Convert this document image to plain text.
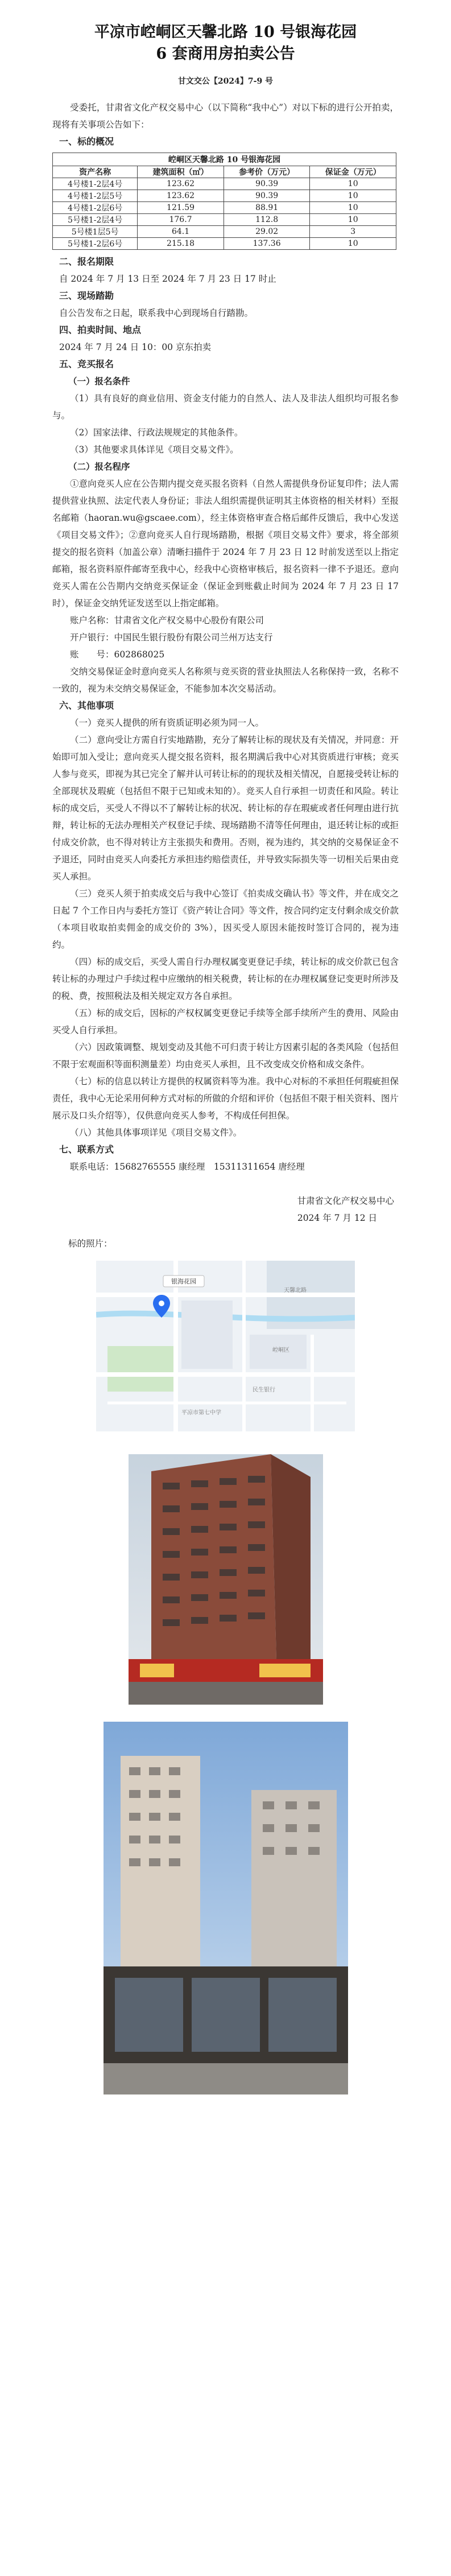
平凉市崆峒区天馨北路 10 号银海花园
6 套商用房拍卖公告
甘文交公【2024】7-9 号

受委托，甘肃省文化产权交易中心（以下简称“我中心”）对以下标的进行公开拍卖，现将有关事项公告如下：

一、标的概况
崆峒区天馨北路 10 号银海花园			
资产名称	建筑面积（㎡）	参考价（万元）	保证金（万元）
4号楼1-2层4号	123.62	90.39	10
4号楼1-2层5号	123.62	90.39	10
4号楼1-2层6号	121.59	88.91	10
5号楼1-2层4号	176.7	112.8	10
5号楼1层5号	64.1	29.02	3
5号楼1-2层6号	215.18	137.36	10
二、报名期限
自 2024 年 7 月 13 日至 2024 年 7 月 23 日 17 时止
三、现场踏勘
自公告发布之日起，联系我中心到现场自行踏勘。
四、拍卖时间、地点
2024 年 7 月 24 日 10：00 京东拍卖
五、竞买报名
（一）报名条件

（1）具有良好的商业信用、资金支付能力的自然人、法人及非法人组织均可报名参与。

（2）国家法律、行政法规规定的其他条件。

（3）其他要求具体详见《项目交易文件》。

（二）报名程序

①意向竞买人应在公告期内提交竞买报名资料（自然人需提供身份证复印件；法人需提供营业执照、法定代表人身份证；非法人组织需提供证明其主体资格的相关材料）至报名邮箱（haoran.wu@gscaee.com），经主体资格审查合格后邮件反馈后，我中心发送《项目交易文件》；②意向竞买人自行现场踏勘，根据《项目交易文件》要求，将全部须提交的报名资料（加盖公章）清晰扫描件于 2024 年 7 月 23 日 12 时前发送至以上指定邮箱，报名资料原件邮寄至我中心，经我中心资格审核后，报名资料一律不予退还。意向竞买人需在公告期内交纳竞买保证金（保证金到账截止时间为 2024 年 7 月 23 日 17 时），保证金交纳凭证发送至以上指定邮箱。

账户名称：甘肃省文化产权交易中心股份有限公司

开户银行：中国民生银行股份有限公司兰州万达支行

账　　号：602868025

交纳交易保证金时意向竞买人名称须与竞买资的营业执照法人名称保持一致，名称不一致的，视为未交纳交易保证金，不能参加本次交易活动。

六、其他事项

（一）竞买人提供的所有资质证明必须为同一人。

（二）意向受让方需自行实地踏勘，充分了解转让标的现状及有关情况，并同意：开始即可加入受让；意向竞买人提交报名资料，报名期满后我中心对其资质进行审核；竞买人参与竞买，即视为其已完全了解并认可转让标的的现状及相关情况，自愿接受转让标的全部现状及瑕疵（包括但不限于已知或未知的）。竞买人自行承担一切责任和风险。转让标的成交后，买受人不得以不了解转让标的状况、转让标的存在瑕疵或者任何理由进行抗辩，转让标的无法办理相关产权登记手续、现场踏勘不清等任何理由，退还转让标的或拒付成交价款，也不得对转让方主张损失和费用。否则，视为违约，其交纳的交易保证金不予退还，同时由竞买人向委托方承担违约赔偿责任，并导致实际损失等一切相关后果由竞买人承担。

（三）竞买人须于拍卖成交后与我中心签订《拍卖成交确认书》等文件，并在成交之日起 7 个工作日内与委托方签订《资产转让合同》等文件，按合同约定支付剩余成交价款（本项目收取拍卖佣金的成交价的 3%），因买受人原因未能按时签订合同的，视为违约。

（四）标的成交后，买受人需自行办理权属变更登记手续，转让标的成交价款已包含转让标的办理过户手续过程中应缴纳的相关税费，转让标的在办理权属登记变更时所涉及的税、费，按照税法及相关规定双方各自承担。

（五）标的成交后，因标的产权权属变更登记手续等全部手续所产生的费用、风险由买受人自行承担。

（六）因政策调整、规划变动及其他不可归责于转让方因素引起的各类风险（包括但不限于宏观面积等面积测量差）均由竞买人承担，且不改变成交价格和成交条件。

（七）标的信息以转让方提供的权属资料等为准。我中心对标的不承担任何瑕疵担保责任，我中心无论采用何种方式对标的所做的介绍和评价（包括但不限于相关资料、图片展示及口头介绍等），仅供意向竞买人参考，不构成任何担保。

（八）其他具体事项详见《项目交易文件》。

七、联系方式

联系电话：15682765555 康经理　15311311654 唐经理

甘肃省文化产权交易中心
2024 年 7 月 12 日
标的照片：
银海花园
天馨北路
崆峒区
平凉市第七中学
民生银行
